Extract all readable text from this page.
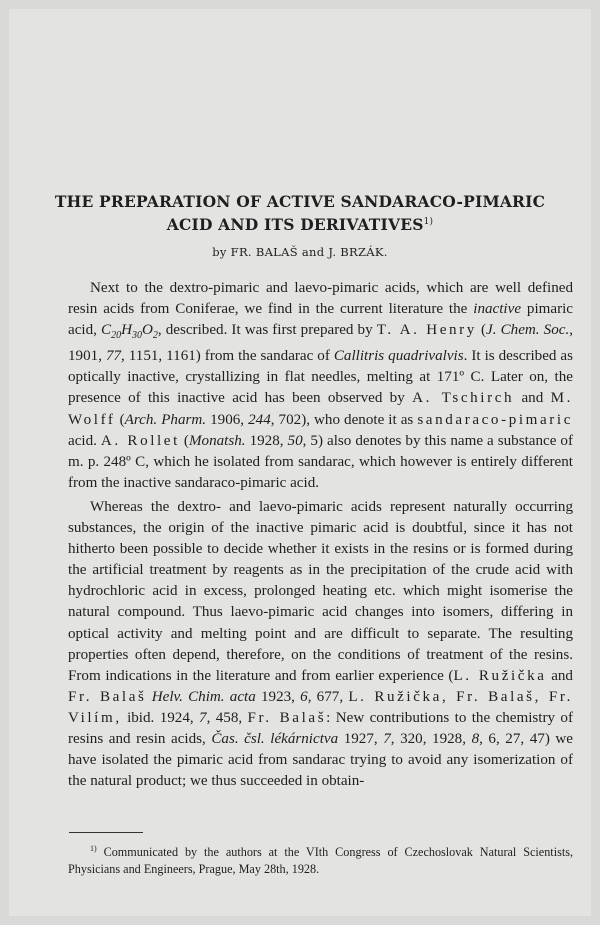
THE PREPARATION OF ACTIVE SANDARACO-PIMARIC
ACID AND ITS DERIVATIVES$^{1)}$
by FR. BALAŠ and J. BRZÁK.

Next to the dextro-pimaric and laevo-pimaric acids, which are well defined resin acids from Coniferae, we find in the current literature the inactive pimaric acid, $C_{20}H_{30}O_2$, described. It was first prepared by T. A. Henry (J. Chem. Soc., 1901, 77, 1151, 1161) from the sandarac of Callitris quadrivalvis. It is described as optically inactive, crystallizing in flat needles, melting at 171º C. Later on, the presence of this inactive acid has been observed by A. Tschirch and M. Wolff (Arch. Pharm. 1906, 244, 702), who denote it as sandaraco-pimaric acid. A. Rollet (Monatsh. 1928, 50, 5) also denotes by this name a substance of m. p. 248º C, which he isolated from sandarac, which however is entirely different from the inactive sandaraco-pimaric acid.

Whereas the dextro- and laevo-pimaric acids represent naturally occurring substances, the origin of the inactive pimaric acid is doubtful, since it has not hitherto been possible to decide whether it exists in the resins or is formed during the artificial treatment by reagents as in the precipitation of the crude acid with hydrochloric acid in excess, prolonged heating etc. which might isomerise the natural compound. Thus laevo-pimaric acid changes into isomers, differing in optical activity and melting point and are difficult to separate. The resulting properties often depend, therefore, on the conditions of treatment of the resins. From indications in the literature and from earlier experience (L. Ružička and Fr. Balaš Helv. Chim. acta 1923, 6, 677, L. Ružička, Fr. Balaš, Fr. Vilím, ibid. 1924, 7, 458, Fr. Balaš: New contributions to the chemistry of resins and resin acids, Čas. čsl. lékárnictva 1927, 7, 320, 1928, 8, 6, 27, 47) we have isolated the pimaric acid from sandarac trying to avoid any isomerization of the natural product; we thus succeeded in obtain-

$^{1)}$ Communicated by the authors at the VIth Congress of Czechoslovak Natural Scientists, Physicians and Engineers, Prague, May 28th, 1928.
